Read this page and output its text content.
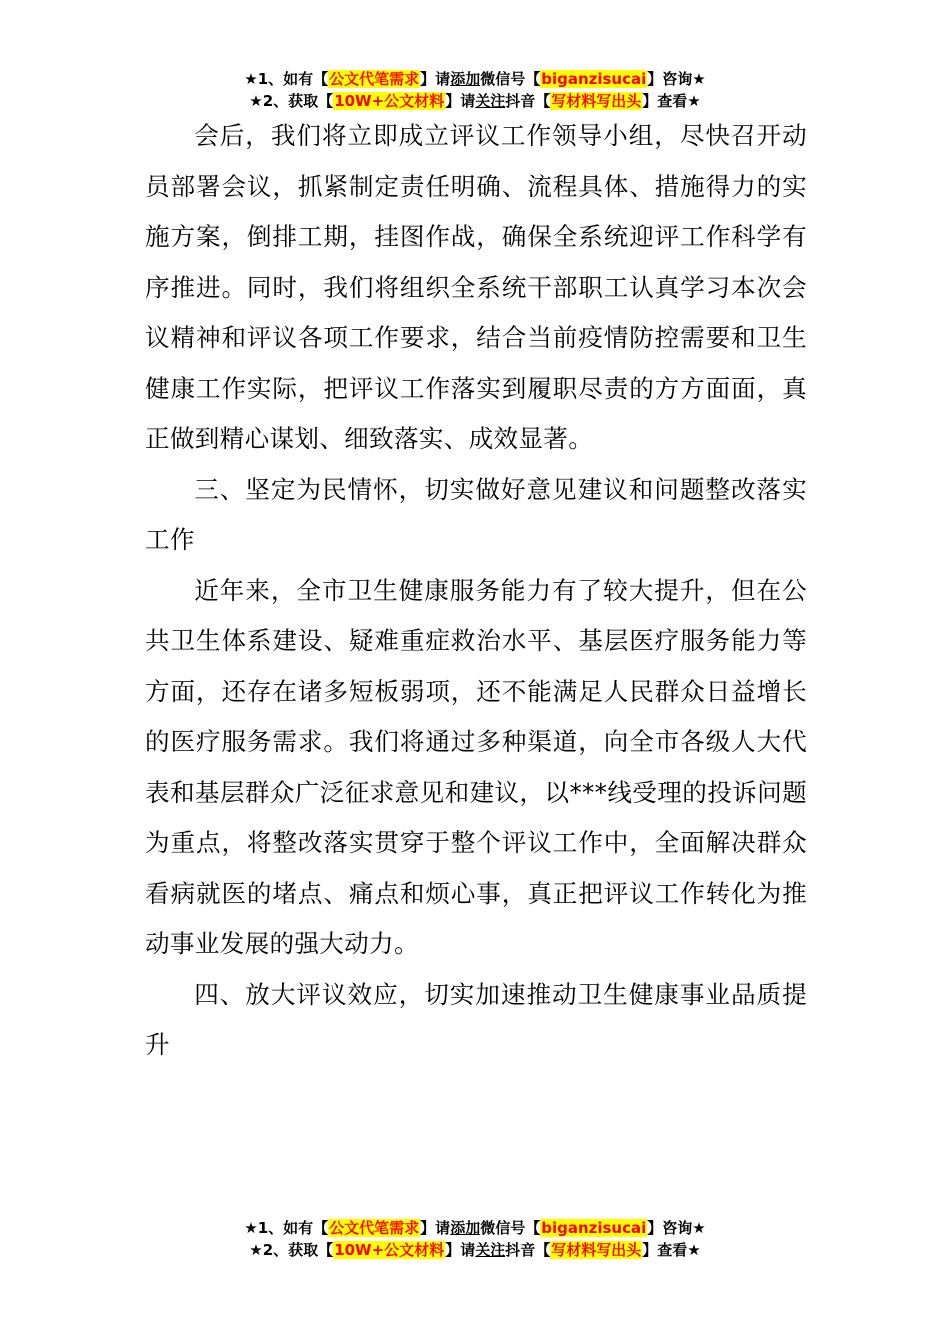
★1、如有【公文代笔需求】请添加微信号【biganzisucai】咨询★
★2、获取【10W+公文材料】请关注抖音【写材料写出头】查看★

会后，我们将立即成立评议工作领导小组，尽快召开动员部署会议，抓紧制定责任明确、流程具体、措施得力的实施方案，倒排工期，挂图作战，确保全系统迎评工作科学有序推进。同时，我们将组织全系统干部职工认真学习本次会议精神和评议各项工作要求，结合当前疫情防控需要和卫生健康工作实际，把评议工作落实到履职尽责的方方面面，真正做到精心谋划、细致落实、成效显著。

三、坚定为民情怀，切实做好意见建议和问题整改落实工作

近年来，全市卫生健康服务能力有了较大提升，但在公共卫生体系建设、疑难重症救治水平、基层医疗服务能力等方面，还存在诸多短板弱项，还不能满足人民群众日益增长的医疗服务需求。我们将通过多种渠道，向全市各级人大代表和基层群众广泛征求意见和建议，以***线受理的投诉问题为重点，将整改落实贯穿于整个评议工作中，全面解决群众看病就医的堵点、痛点和烦心事，真正把评议工作转化为推动事业发展的强大动力。

四、放大评议效应，切实加速推动卫生健康事业品质提升

★1、如有【公文代笔需求】请添加微信号【biganzisucai】咨询★
★2、获取【10W+公文材料】请关注抖音【写材料写出头】查看★
